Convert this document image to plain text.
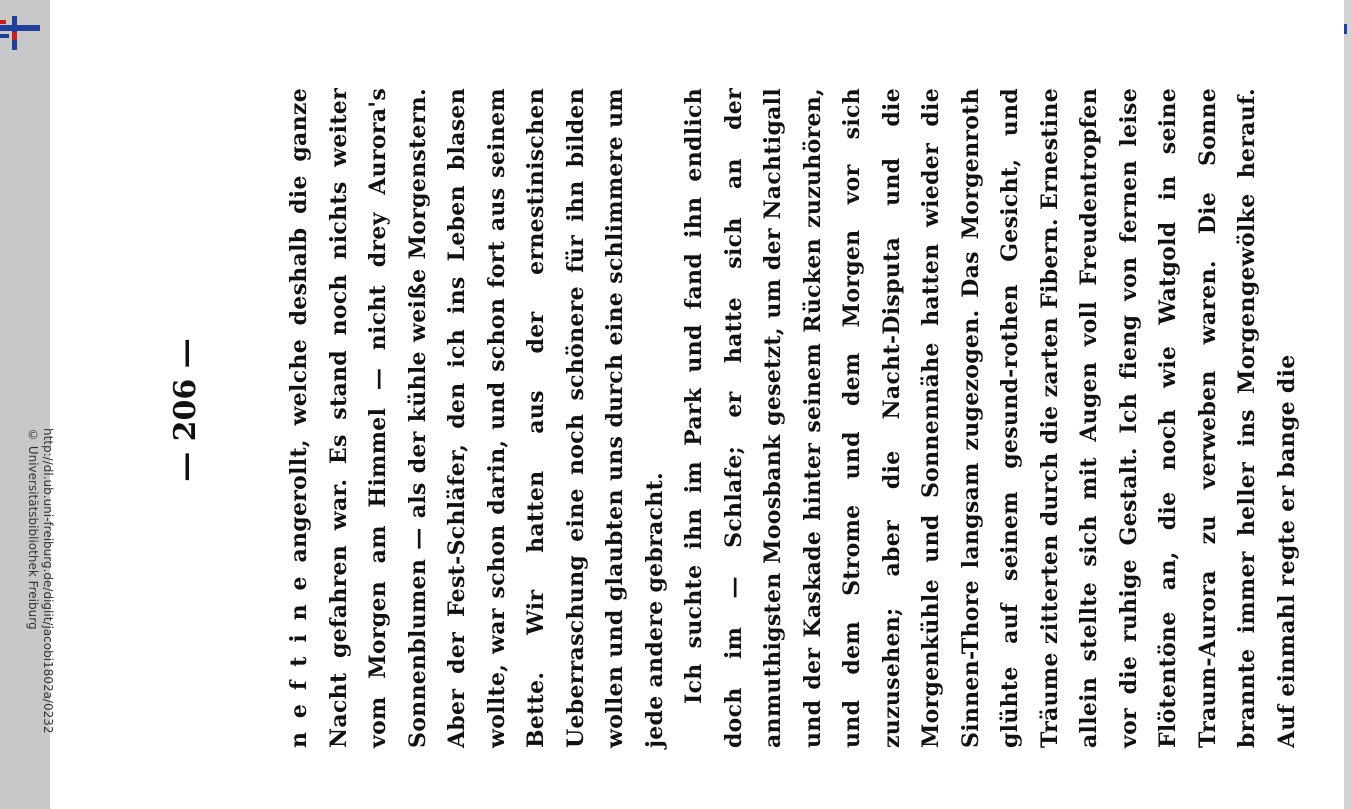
http://dl.ub.uni-freiburg.de/diglit/jacobi1802a/0232
© Universitätsbibliothek Freiburg
— 206 —	n e f t i n e angerollt, welche deshalb die ganze Nacht gefahren war. Es stand noch nichts weiter vom Morgen am Himmel — nicht drey Aurora's Sonnenblumen — als der kühle weiße Morgenstern. Aber der Fest-Schläfer, den ich ins Leben blasen wollte, war schon darin, und schon fort aus seinem Bette. Wir hatten aus der ernestinischen Ueberraschung eine noch schönere für ihn bilden wollen und glaubten uns durch eine schlimmere um jede andere gebracht. Ich suchte ihn im Park und fand ihn endlich doch im — Schlafe; er hatte sich an der anmuthigsten Moosbank gesetzt, um der Nachtigall und der Kaskade hinter seinem Rücken zuzuhören, und dem Strome und dem Morgen vor sich zuzusehen; aber die Nacht-Disputa und die Morgenkühle und Sonnennähe hatten wieder die Sinnen-Thore langsam zugezogen. Das Morgenroth glühte auf seinem gesund-rothen Gesicht, und Träume zitterten durch die zarten Fibern. Ernestine allein stellte sich mit Augen voll Freudentropfen vor die ruhige Gestalt. Ich fieng von fernen leise Flötentöne an, die noch wie Watgold in seine Traum-Aurora zu verweben waren. Die Sonne brannte immer heller ins Morgengewölke herauf. Auf einmahl regte er bange die
